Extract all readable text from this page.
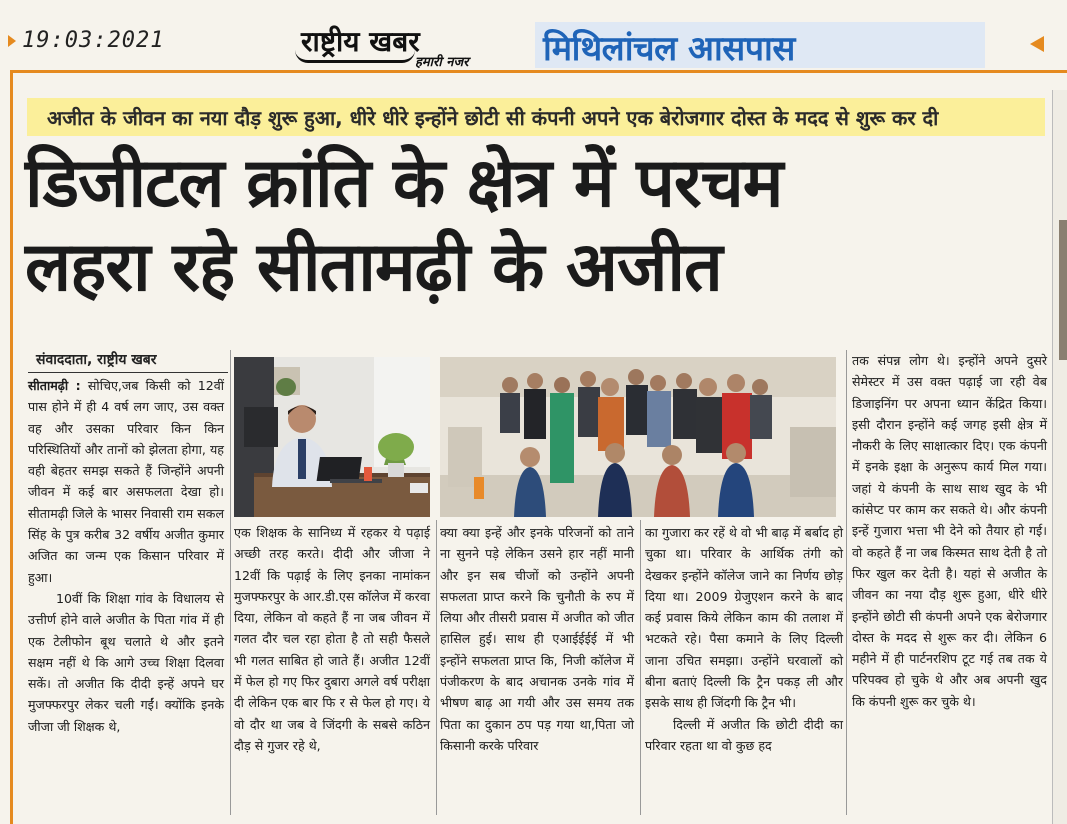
19:03:2021	राष्ट्रीय खबर
हमारी नजर मिथिलांचल आसपास
अजीत के जीवन का नया दौड़ शुरू हुआ, धीरे धीरे इन्होंने छोटी सी कंपनी अपने एक बेरोजगार दोस्त के मदद से शुरू कर दी
डिजीटल क्रांति के क्षेत्र में परचम
लहरा रहे सीतामढ़ी के अजीत
संवाददाता, राष्ट्रीय खबर

सीतामढ़ी : सोचिए,जब किसी को 12वीं पास होने में ही 4 वर्ष लग जाए, उस वक्त वह और उसका परिवार किन किन परिस्थितियों और तानों को झेलता होगा, यह वही बेहतर समझ सकते हैं जिन्होंने अपनी जीवन में कई बार असफलता देखा हो। सीतामढ़ी जिले के भासर निवासी राम सकल सिंह के पुत्र करीब 32 वर्षीय अजीत कुमार अजित का जन्म एक किसान परिवार में हुआ।

10वीं कि शिक्षा गांव के विधालय से उत्तीर्ण होने वाले अजीत के पिता गांव में ही एक टेलीफोन बूथ चलाते थे और इतने सक्षम नहीं थे कि आगे उच्च शिक्षा दिलवा सकें। तो अजीत कि दीदी इन्हें अपने घर मुजफ्फरपुर लेकर चली गईं। क्योंकि इनके जीजा जी शिक्षक थे,

एक शिक्षक के सानिध्य में रहकर ये पढ़ाई अच्छी तरह करते। दीदी और जीजा ने 12वीं कि पढ़ाई के लिए इनका नामांकन मुजफ्फरपुर के आर.डी.एस कॉलेज में करवा दिया, लेकिन वो कहते हैं ना जब जीवन में गलत दौर चल रहा होता है तो सही फैसले भी गलत साबित हो जाते हैं। अजीत 12वीं में फेल हो गए फिर दुबारा अगले वर्ष परीक्षा दी लेकिन एक बार फि र से फेल हो गए। ये वो दौर था जब वे जिंदगी के सबसे कठिन दौड़ से गुजर रहे थे,

क्या क्या इन्हें और इनके परिजनों को ताने ना सुनने पड़े लेकिन उसने हार नहीं मानी और इन सब चीजों को उन्होंने अपनी सफलता प्राप्त करने कि चुनौती के रुप में लिया और तीसरी प्रवास में अजीत को जीत हासिल हुई। साथ ही एआईईईई में भी इन्होंने सफलता प्राप्त कि, निजी कॉलेज में पंजीकरण के बाद अचानक उनके गांव में भीषण बाढ़ आ गयी और उस समय तक पिता का दुकान ठप पड़ गया था,पिता जो किसानी करके परिवार

का गुजारा कर रहें थे वो भी बाढ़ में बर्बाद हो चुका था। परिवार के आर्थिक तंगी को देखकर इन्होंने कॉलेज जाने का निर्णय छोड़ दिया था। 2009 ग्रेजुएशन करने के बाद कई प्रवास किये लेकिन काम की तलाश में भटकते रहे। पैसा कमाने के लिए दिल्ली जाना उचित समझा। उन्होंने घरवालों को बीना बताएं दिल्ली कि ट्रैन पकड़ ली और इसके साथ ही जिंदगी कि ट्रैन भी।

दिल्ली में अजीत कि छोटी दीदी का परिवार रहता था वो कुछ हद

तक संपन्न लोग थे। इन्होंने अपने दुसरे सेमेस्टर में उस वक्त पढ़ाई जा रही वेब डिजाइनिंग पर अपना ध्यान केंद्रित किया। इसी दौरान इन्होंने कई जगह इसी क्षेत्र में नौकरी के लिए साक्षात्कार दिए। एक कंपनी में इनके इक्षा के अनुरूप कार्य मिल गया। जहां ये कंपनी के साथ साथ खुद के भी कांसेप्ट पर काम कर सकते थे। और कंपनी इन्हें गुजारा भत्ता भी देने को तैयार हो गई। वो कहते हैं ना जब किस्मत साथ देती है तो फिर खुल कर देती है। यहां से अजीत के जीवन का नया दौड़ शुरू हुआ, धीरे धीरे इन्होंने छोटी सी कंपनी अपने एक बेरोजगार दोस्त के मदद से शुरू कर दी। लेकिन 6 महीने में ही पार्टनरशिप टूट गई तब तक ये परिपक्व हो चुके थे और अब अपनी खुद कि कंपनी शुरू कर चुके थे।
